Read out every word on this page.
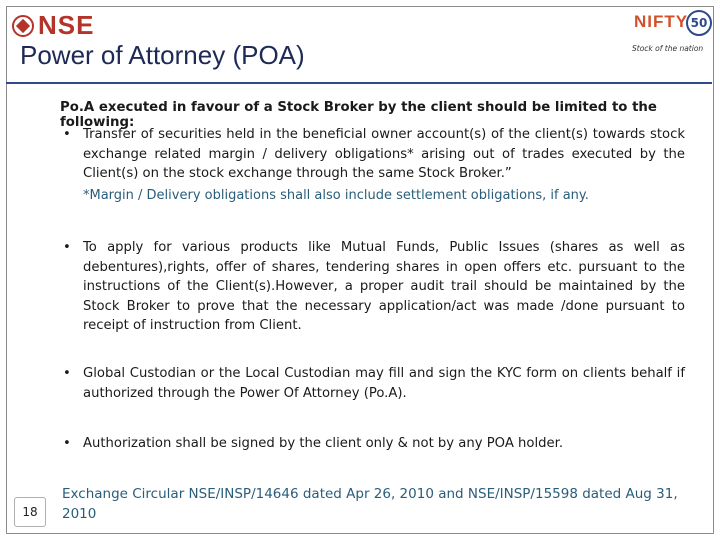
NSE	NIFTY 50
Stock of the nation
Power of Attorney (POA)
Po.A executed in favour of a Stock Broker by the client should be limited to the following:
• Transfer of securities held in the beneficial owner account(s) of the client(s) towards stock exchange related margin / delivery obligations* arising out of trades executed by the Client(s) on the stock exchange through the same Stock Broker.”
*Margin / Delivery obligations shall also include settlement obligations, if any.
• To apply for various products like Mutual Funds, Public Issues (shares as well as debentures),rights, offer of shares, tendering shares in open offers etc. pursuant to the instructions of the Client(s).However, a proper audit trail should be maintained by the Stock Broker to prove that the necessary application/act was made /done pursuant to receipt of instruction from Client.
• Global Custodian or the Local Custodian may fill and sign the KYC form on clients behalf if authorized through the Power Of Attorney (Po.A).
• Authorization shall be signed by the client only & not by any POA holder.
18
Exchange Circular NSE/INSP/14646 dated Apr 26, 2010 and NSE/INSP/15598 dated Aug 31, 2010
